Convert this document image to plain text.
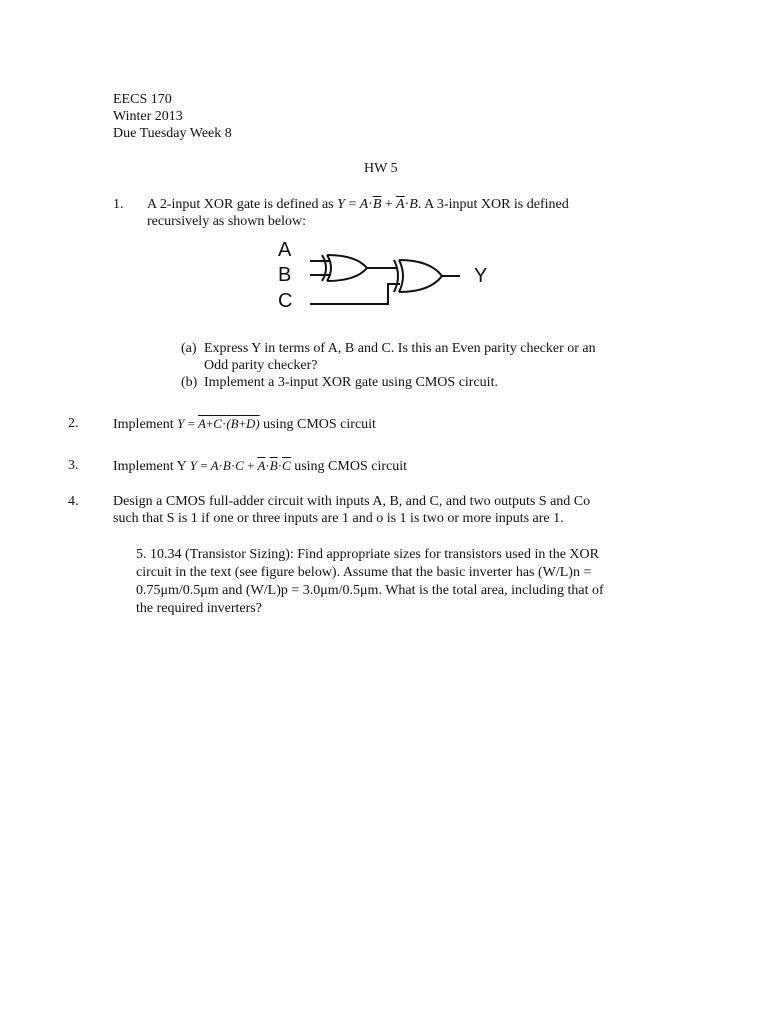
EECS 170
Winter 2013
Due Tuesday Week 8
HW 5
1. A 2-input XOR gate is defined as $Y = A\cdot\overline{B} + \overline{A}\cdot B$. A 3-input XOR is defined
recursively as shown below:
A
B
C
Y
(a) Express Y in terms of A, B and C. Is this an Even parity checker or an
Odd parity checker?
(b) Implement a 3-input XOR gate using CMOS circuit.
2. Implement Y = A+C·(B+D) using CMOS circuit
3. Implement Y $Y = A\cdot B\cdot C + \overline{A}\cdot\overline{B}\cdot\overline{C}$ using CMOS circuit
4. Design a CMOS full-adder circuit with inputs A, B, and C, and two outputs S and Co
such that S is 1 if one or three inputs are 1 and o is 1 is two or more inputs are 1.
5. 10.34 (Transistor Sizing): Find appropriate sizes for transistors used in the XOR
circuit in the text (see figure below). Assume that the basic inverter has (W/L)n =
0.75μm/0.5μm and (W/L)p = 3.0μm/0.5μm. What is the total area, including that of
the required inverters?
